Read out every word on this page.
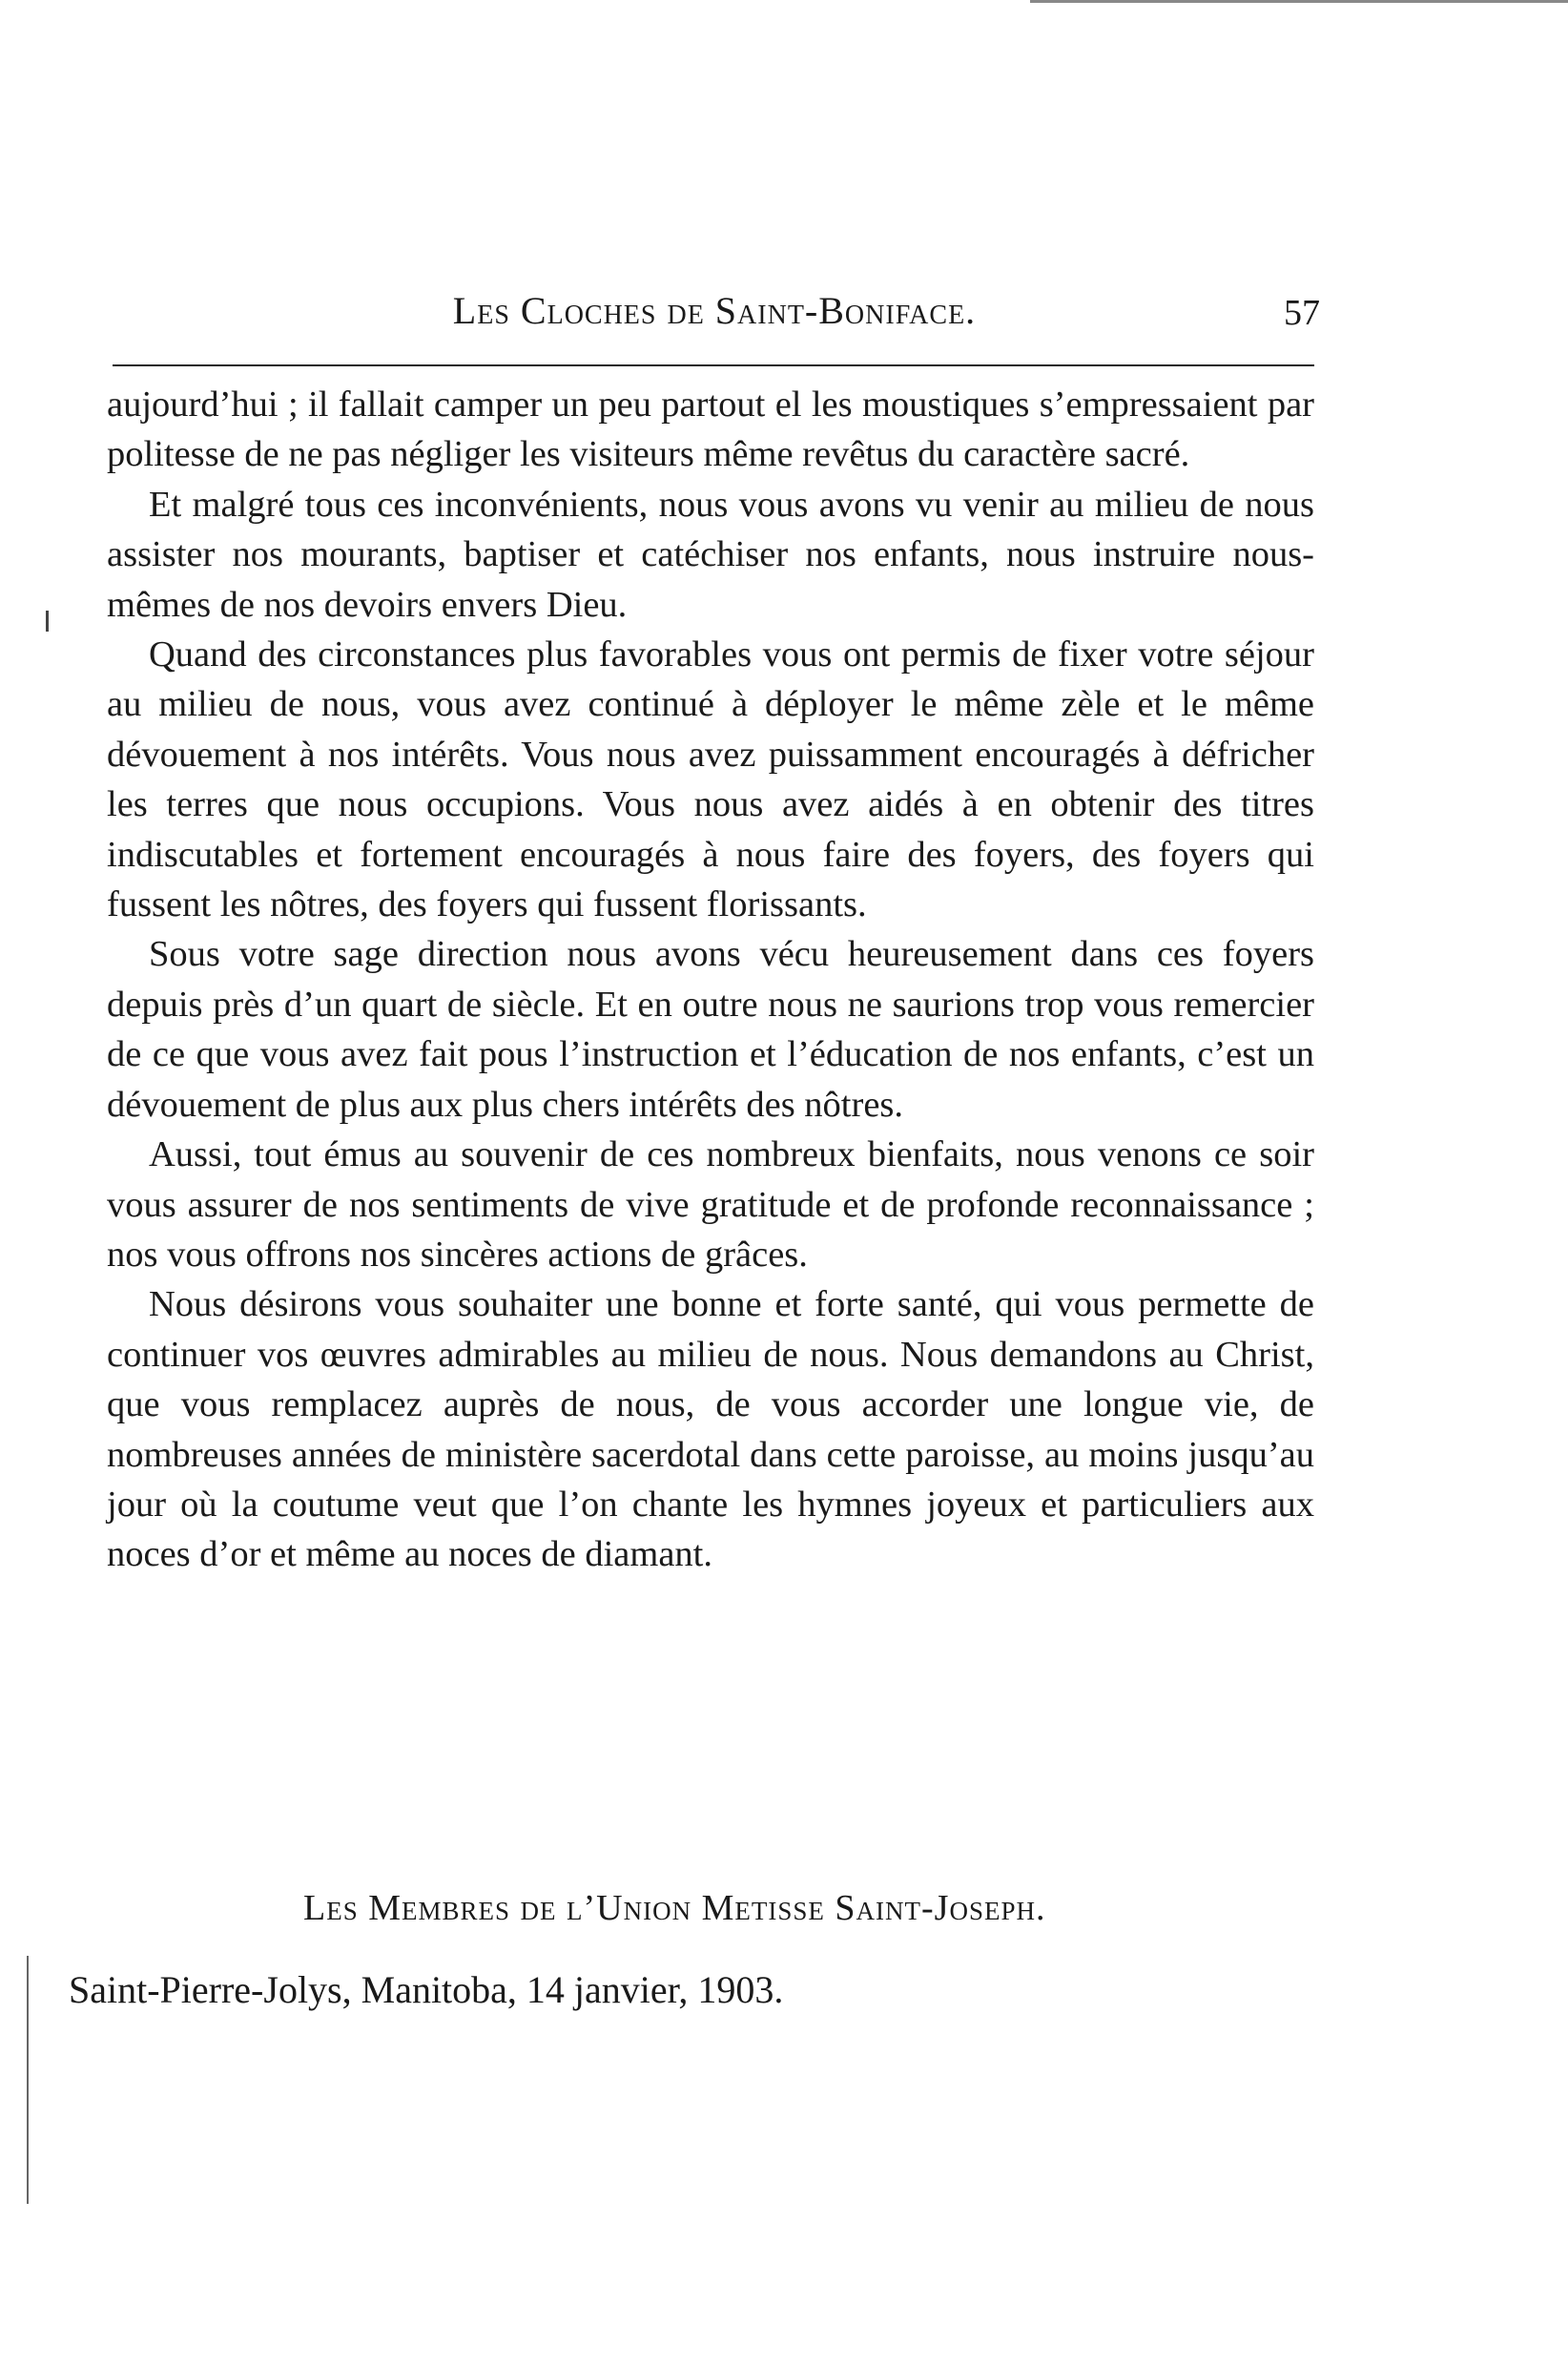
Les Cloches de Saint-Boniface.	57

aujourd’hui ; il fallait camper un peu partout el les moustiques s’empressaient par politesse de ne pas négliger les visiteurs même revêtus du caractère sacré.

Et malgré tous ces inconvénients, nous vous avons vu venir au milieu de nous assister nos mourants, baptiser et catéchiser nos enfants, nous instruire nous-mêmes de nos devoirs envers Dieu.

Quand des circonstances plus favorables vous ont permis de fixer votre séjour au milieu de nous, vous avez continué à déployer le même zèle et le même dévouement à nos intérêts. Vous nous avez puissamment encouragés à défricher les terres que nous occupions. Vous nous avez aidés à en obtenir des titres indiscutables et fortement encouragés à nous faire des foyers, des foyers qui fussent les nôtres, des foyers qui fussent florissants.

Sous votre sage direction nous avons vécu heureusement dans ces foyers depuis près d’un quart de siècle. Et en outre nous ne saurions trop vous remercier de ce que vous avez fait pous l’instruction et l’éducation de nos enfants, c’est un dévouement de plus aux plus chers intérêts des nôtres.

Aussi, tout émus au souvenir de ces nombreux bienfaits, nous venons ce soir vous assurer de nos sentiments de vive gratitude et de profonde reconnaissance ; nos vous offrons nos sincères actions de grâces.

Nous désirons vous souhaiter une bonne et forte santé, qui vous permette de continuer vos œuvres admirables au milieu de nous. Nous demandons au Christ, que vous remplacez auprès de nous, de vous accorder une longue vie, de nombreuses années de ministère sacerdotal dans cette paroisse, au moins jusqu’au jour où la coutume veut que l’on chante les hymnes joyeux et particuliers aux noces d’or et même au noces de diamant.

Les Membres de l’Union Metisse Saint-Joseph.
Saint-Pierre-Jolys, Manitoba, 14 janvier, 1903.
